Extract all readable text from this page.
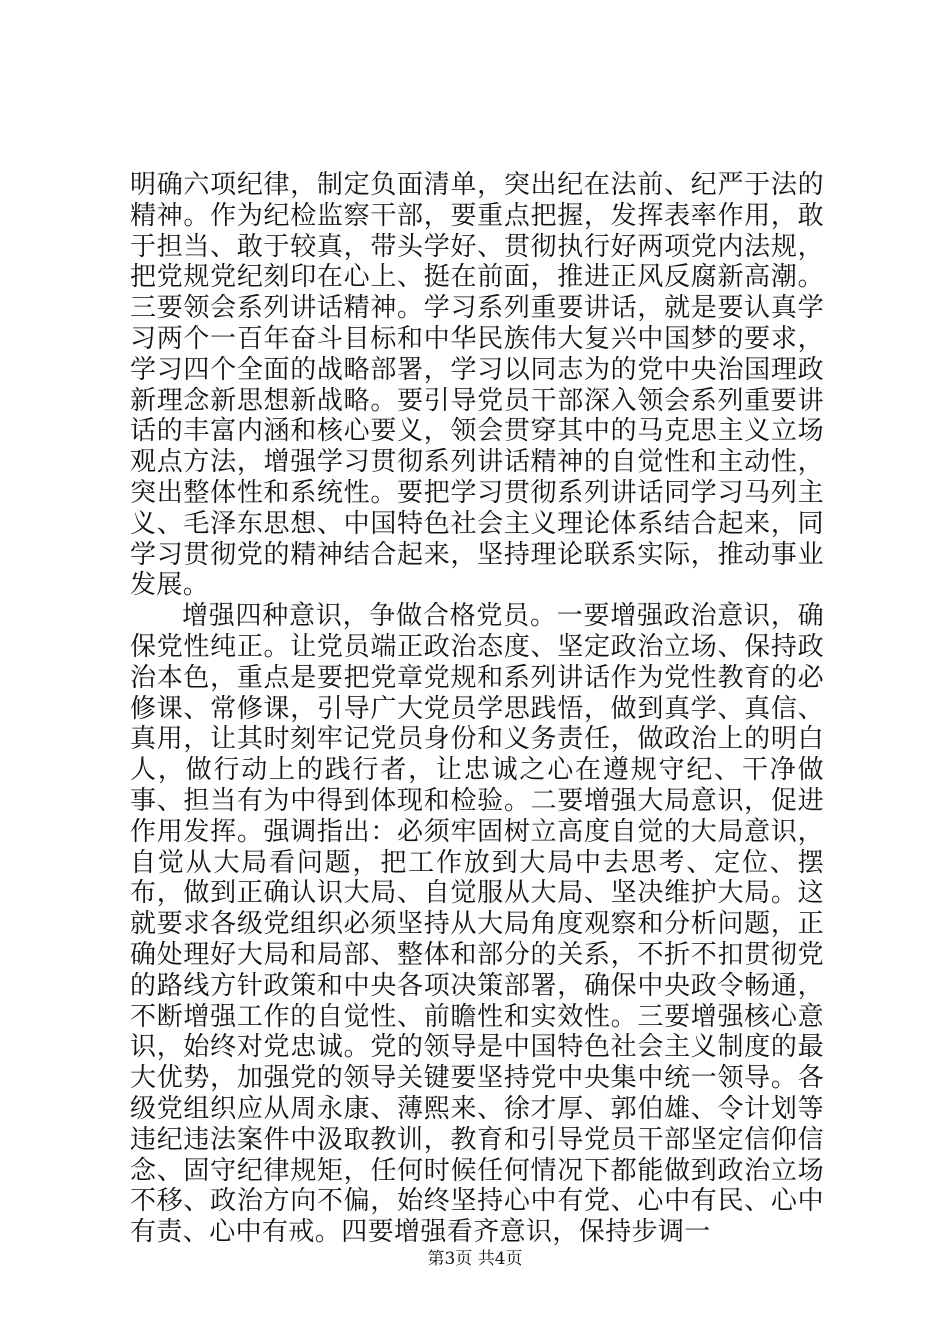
明确六项纪律，制定负面清单，突出纪在法前、纪严于法的精神。作为纪检监察干部，要重点把握，发挥表率作用，敢于担当、敢于较真，带头学好、贯彻执行好两项党内法规，把党规党纪刻印在心上、挺在前面，推进正风反腐新高潮。三要领会系列讲话精神。学习系列重要讲话，就是要认真学习两个一百年奋斗目标和中华民族伟大复兴中国梦的要求，学习四个全面的战略部署，学习以同志为的党中央治国理政新理念新思想新战略。要引导党员干部深入领会系列重要讲话的丰富内涵和核心要义，领会贯穿其中的马克思主义立场观点方法，增强学习贯彻系列讲话精神的自觉性和主动性，突出整体性和系统性。要把学习贯彻系列讲话同学习马列主义、毛泽东思想、中国特色社会主义理论体系结合起来，同学习贯彻党的精神结合起来，坚持理论联系实际，推动事业发展。

增强四种意识，争做合格党员。一要增强政治意识，确保党性纯正。让党员端正政治态度、坚定政治立场、保持政治本色，重点是要把党章党规和系列讲话作为党性教育的必修课、常修课，引导广大党员学思践悟，做到真学、真信、真用，让其时刻牢记党员身份和义务责任，做政治上的明白人，做行动上的践行者，让忠诚之心在遵规守纪、干净做事、担当有为中得到体现和检验。二要增强大局意识，促进作用发挥。强调指出：必须牢固树立高度自觉的大局意识，自觉从大局看问题，把工作放到大局中去思考、定位、摆布，做到正确认识大局、自觉服从大局、坚决维护大局。这就要求各级党组织必须坚持从大局角度观察和分析问题，正确处理好大局和局部、整体和部分的关系，不折不扣贯彻党的路线方针政策和中央各项决策部署，确保中央政令畅通，不断增强工作的自觉性、前瞻性和实效性。三要增强核心意识，始终对党忠诚。党的领导是中国特色社会主义制度的最大优势，加强党的领导关键要坚持党中央集中统一领导。各级党组织应从周永康、薄熙来、徐才厚、郭伯雄、令计划等违纪违法案件中汲取教训，教育和引导党员干部坚定信仰信念、固守纪律规矩，任何时候任何情况下都能做到政治立场不移、政治方向不偏，始终坚持心中有党、心中有民、心中有责、心中有戒。四要增强看齐意识，保持步调一

第3页 共4页
